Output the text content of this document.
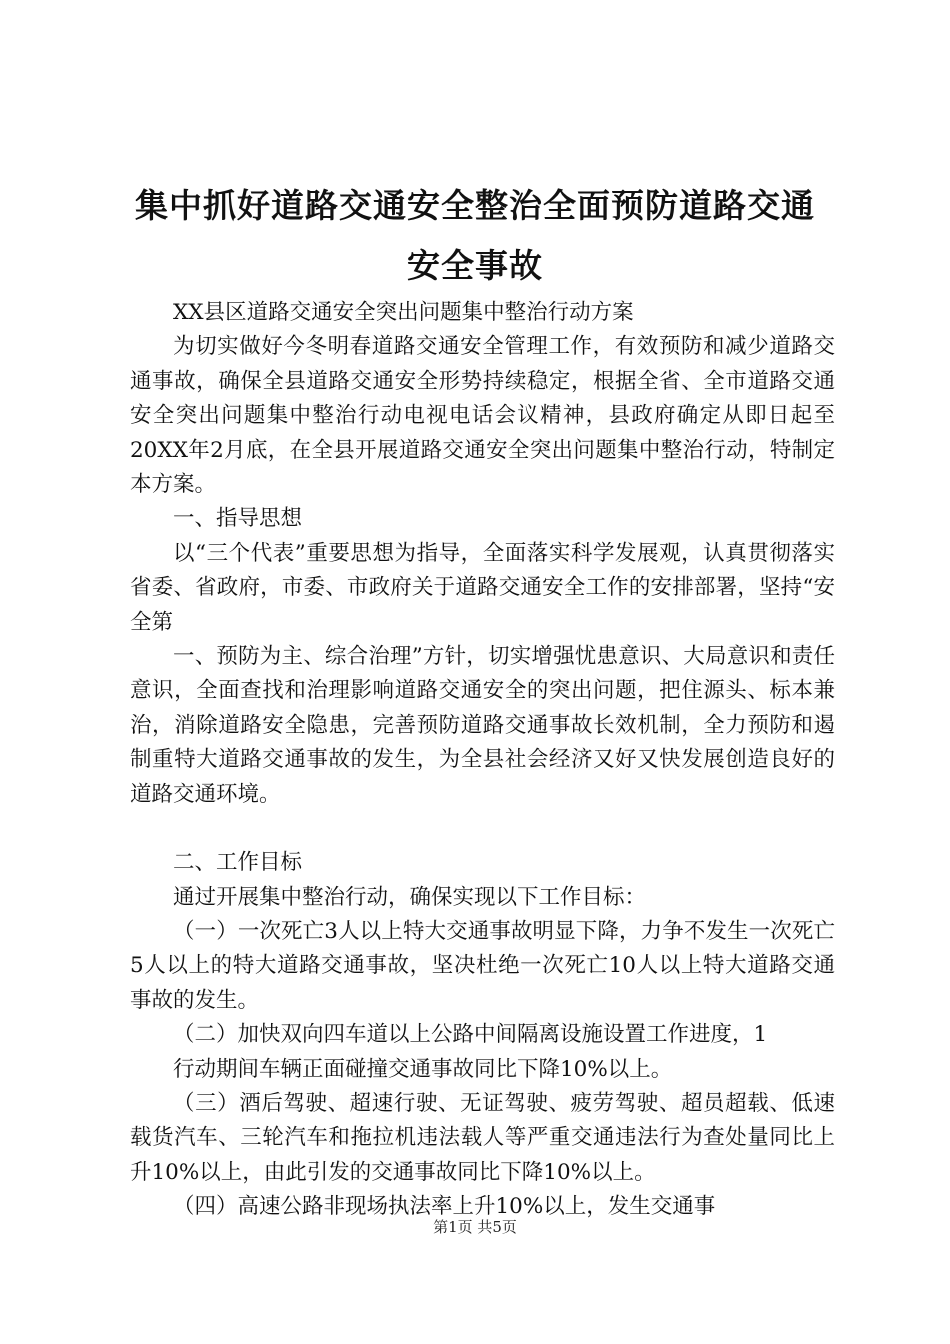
集中抓好道路交通安全整治全面预防道路交通
安全事故

XX县区道路交通安全突出问题集中整治行动方案

为切实做好今冬明春道路交通安全管理工作，有效预防和减少道路交通事故，确保全县道路交通安全形势持续稳定，根据全省、全市道路交通安全突出问题集中整治行动电视电话会议精神，县政府确定从即日起至20XX年2月底，在全县开展道路交通安全突出问题集中整治行动，特制定本方案。

一、指导思想

以“三个代表”重要思想为指导，全面落实科学发展观，认真贯彻落实省委、省政府，市委、市政府关于道路交通安全工作的安排部署，坚持“安全第

一、预防为主、综合治理”方针，切实增强忧患意识、大局意识和责任意识，全面查找和治理影响道路交通安全的突出问题，把住源头、标本兼治，消除道路安全隐患，完善预防道路交通事故长效机制，全力预防和遏制重特大道路交通事故的发生，为全县社会经济又好又快发展创造良好的道路交通环境。

二、工作目标

通过开展集中整治行动，确保实现以下工作目标：

（一）一次死亡3人以上特大交通事故明显下降，力争不发生一次死亡5人以上的特大道路交通事故，坚决杜绝一次死亡10人以上特大道路交通事故的发生。

（二）加快双向四车道以上公路中间隔离设施设置工作进度，1

行动期间车辆正面碰撞交通事故同比下降10%以上。

（三）酒后驾驶、超速行驶、无证驾驶、疲劳驾驶、超员超载、低速载货汽车、三轮汽车和拖拉机违法载人等严重交通违法行为查处量同比上升10%以上，由此引发的交通事故同比下降10%以上。

（四）高速公路非现场执法率上升10%以上，发生交通事

第1页 共5页
